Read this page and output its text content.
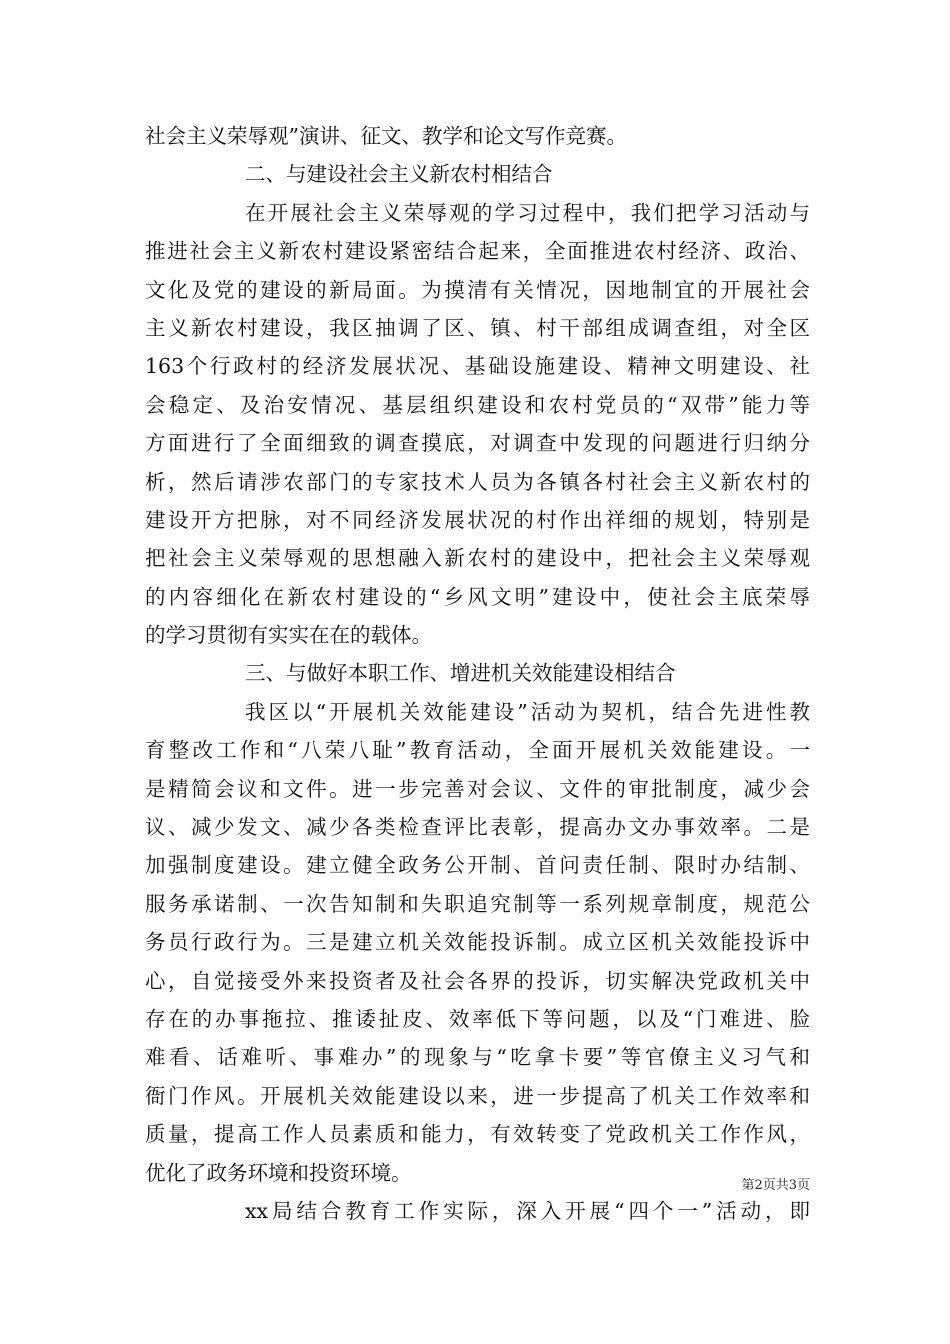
社会主义荣辱观”演讲、征文、教学和论文写作竞赛。
二、与建设社会主义新农村相结合
在开展社会主义荣辱观的学习过程中，我们把学习活动与
推进社会主义新农村建设紧密结合起来，全面推进农村经济、政治、
文化及党的建设的新局面。为摸清有关情况，因地制宜的开展社会
主义新农村建设，我区抽调了区、镇、村干部组成调查组，对全区
163个行政村的经济发展状况、基础设施建设、精神文明建设、社
会稳定、及治安情况、基层组织建设和农村党员的“双带”能力等
方面进行了全面细致的调查摸底，对调查中发现的问题进行归纳分
析，然后请涉农部门的专家技术人员为各镇各村社会主义新农村的
建设开方把脉，对不同经济发展状况的村作出祥细的规划，特别是
把社会主义荣辱观的思想融入新农村的建设中，把社会主义荣辱观
的内容细化在新农村建设的“乡风文明”建设中，使社会主底荣辱
的学习贯彻有实实在在的载体。
三、与做好本职工作、增进机关效能建设相结合
我区以“开展机关效能建设”活动为契机，结合先进性教
育整改工作和“八荣八耻”教育活动，全面开展机关效能建设。一
是精简会议和文件。进一步完善对会议、文件的审批制度，减少会
议、减少发文、减少各类检查评比表彰，提高办文办事效率。二是
加强制度建设。建立健全政务公开制、首问责任制、限时办结制、
服务承诺制、一次告知制和失职追究制等一系列规章制度，规范公
务员行政行为。三是建立机关效能投诉制。成立区机关效能投诉中
心，自觉接受外来投资者及社会各界的投诉，切实解决党政机关中
存在的办事拖拉、推诿扯皮、效率低下等问题，以及“门难进、脸
难看、话难听、事难办”的现象与“吃拿卡要”等官僚主义习气和
衙门作风。开展机关效能建设以来，进一步提高了机关工作效率和
质量，提高工作人员素质和能力，有效转变了党政机关工作作风，
优化了政务环境和投资环境。
xx局结合教育工作实际，深入开展“四个一”活动，即
第2页共3页
